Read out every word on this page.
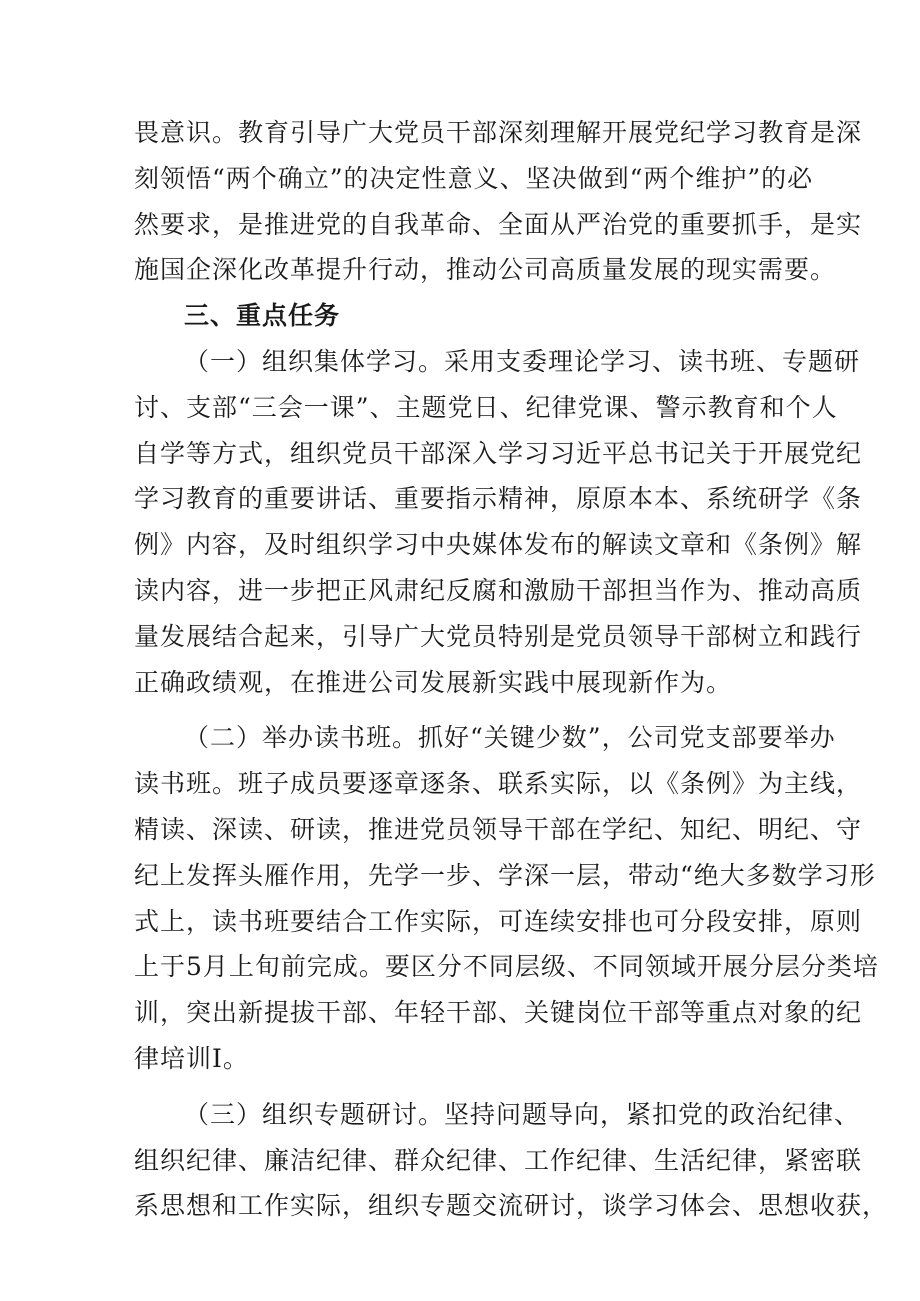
畏意识。教育引导广大党员干部深刻理解开展党纪学习教育是深
刻领悟“两个确立”的决定性意义、坚决做到“两个维护”的必
然要求，是推进党的自我革命、全面从严治党的重要抓手，是实
施国企深化改革提升行动，推动公司高质量发展的现实需要。
三、重点任务
（一）组织集体学习。采用支委理论学习、读书班、专题研
讨、支部“三会一课”、主题党日、纪律党课、警示教育和个人
自学等方式，组织党员干部深入学习习近平总书记关于开展党纪
学习教育的重要讲话、重要指示精神，原原本本、系统研学《条
例》内容，及时组织学习中央媒体发布的解读文章和《条例》解
读内容，进一步把正风肃纪反腐和激励干部担当作为、推动高质
量发展结合起来，引导广大党员特别是党员领导干部树立和践行
正确政绩观，在推进公司发展新实践中展现新作为。
（二）举办读书班。抓好“关键少数”，公司党支部要举办
读书班。班子成员要逐章逐条、联系实际，以《条例》为主线，
精读、深读、研读，推进党员领导干部在学纪、知纪、明纪、守
纪上发挥头雁作用，先学一步、学深一层，带动“绝大多数学习形
式上，读书班要结合工作实际，可连续安排也可分段安排，原则
上于5月上旬前完成。要区分不同层级、不同领域开展分层分类培
训，突出新提拔干部、年轻干部、关键岗位干部等重点对象的纪
律培训I。
（三）组织专题研讨。坚持问题导向，紧扣党的政治纪律、
组织纪律、廉洁纪律、群众纪律、工作纪律、生活纪律，紧密联
系思想和工作实际，组织专题交流研讨，谈学习体会、思想收获，
